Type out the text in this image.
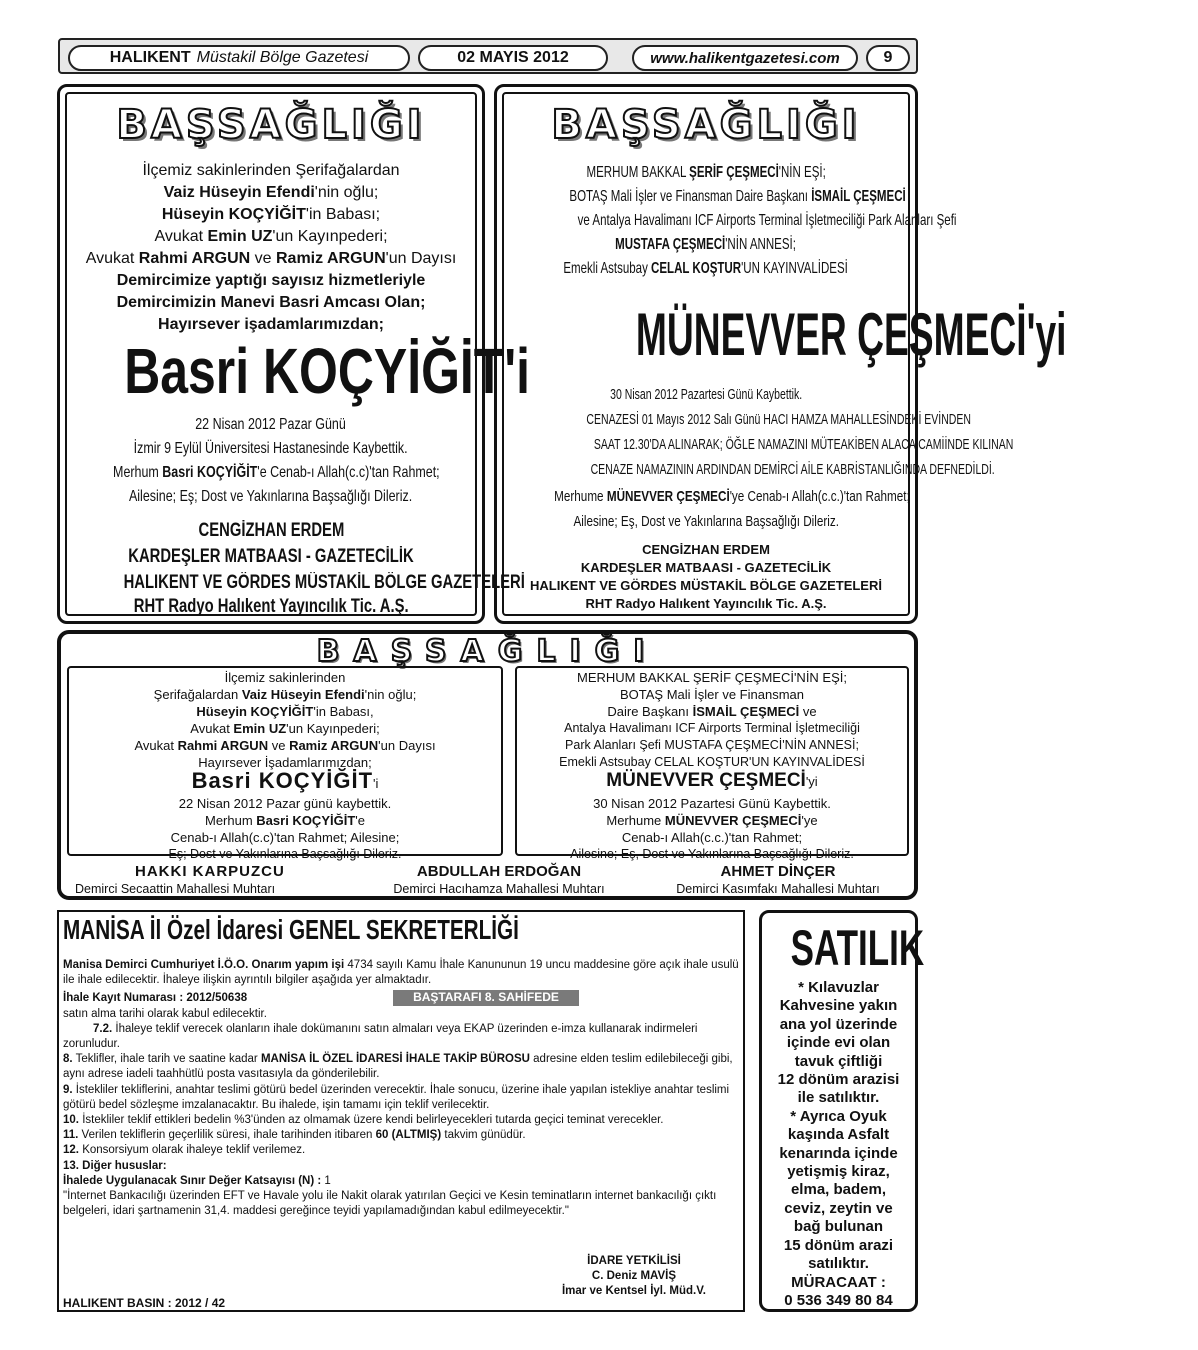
HALIKENT Müstakil Bölge Gazetesi	02 MAYIS 2012	www.halikentgazetesi.com	9
BAŞSAĞLIĞI
İlçemiz sakinlerinden Şerifağalardan
Vaiz Hüseyin Efendi'nin oğlu;
Hüseyin KOÇYİĞİT'in Babası;
Avukat Emin UZ'un Kayınpederi;
Avukat Rahmi ARGUN ve Ramiz ARGUN'un Dayısı
Demircimize yaptığı sayısız hizmetleriyle
Demircimizin Manevi Basri Amcası Olan;
Hayırsever işadamlarımızdan;
Basri KOÇYİĞİT'i
22 Nisan 2012 Pazar Günü
İzmir 9 Eylül Üniversitesi Hastanesinde Kaybettik.
Merhum Basri KOÇYİĞİT'e Cenab-ı Allah(c.c)'tan Rahmet;
Ailesine; Eş; Dost ve Yakınlarına Başsağlığı Dileriz.
CENGİZHAN ERDEM
KARDEŞLER MATBAASI - GAZETECİLİK
HALIKENT VE GÖRDES MÜSTAKİL BÖLGE GAZETELERİ
RHT Radyo Halıkent Yayıncılık Tic. A.Ş.
BAŞSAĞLIĞI
MERHUM BAKKAL ŞERİF ÇEŞMECİ'NİN EŞİ;
BOTAŞ Mali İşler ve Finansman Daire Başkanı İSMAİL ÇEŞMECİ
ve Antalya Havalimanı ICF Airports Terminal İşletmeciliği Park Alanları Şefi
MUSTAFA ÇEŞMECİ'NİN ANNESİ;
Emekli Astsubay CELAL KOŞTUR'UN KAYINVALİDESİ
MÜNEVVER ÇEŞMECİ'yi
30 Nisan 2012 Pazartesi Günü Kaybettik.
CENAZESİ 01 Mayıs 2012 Salı Günü HACI HAMZA MAHALLESİNDEKİ EVİNDEN
SAAT 12.30'DA ALINARAK; ÖĞLE NAMAZINI MÜTEAKİBEN ALACA CAMİİNDE KILINAN
CENAZE NAMAZININ ARDINDAN DEMİRCİ AİLE KABRİSTANLIĞINDA DEFNEDİLDİ.
Merhume MÜNEVVER ÇEŞMECİ'ye Cenab-ı Allah(c.c.)'tan Rahmet;
Ailesine; Eş, Dost ve Yakınlarına Başsağlığı Dileriz.
CENGİZHAN ERDEM
KARDEŞLER MATBAASI - GAZETECİLİK
HALIKENT VE GÖRDES MÜSTAKİL BÖLGE GAZETELERİ
RHT Radyo Halıkent Yayıncılık Tic. A.Ş.
BAŞSAĞLIĞI
İlçemiz sakinlerinden
Şerifağalardan Vaiz Hüseyin Efendi'nin oğlu;
Hüseyin KOÇYİĞİT'in Babası,
Avukat Emin UZ'un Kayınpederi;
Avukat Rahmi ARGUN ve Ramiz ARGUN'un Dayısı
Hayırsever İşadamlarımızdan;
Basri KOÇYİĞİT'i
22 Nisan 2012 Pazar günü kaybettik.
Merhum Basri KOÇYİĞİT'e
Cenab-ı Allah(c.c)'tan Rahmet; Ailesine;
Eş; Dost ve Yakınlarına Başsağlığı Dileriz.
MERHUM BAKKAL ŞERİF ÇEŞMECİ'NİN EŞİ;
BOTAŞ Mali İşler ve Finansman
Daire Başkanı İSMAİL ÇEŞMECİ ve
Antalya Havalimanı ICF Airports Terminal İşletmeciliği
Park Alanları Şefi MUSTAFA ÇEŞMECİ'NİN ANNESİ;
Emekli Astsubay CELAL KOŞTUR'UN KAYINVALİDESİ
MÜNEVVER ÇEŞMECİ'yi
30 Nisan 2012 Pazartesi Günü Kaybettik.
Merhume MÜNEVVER ÇEŞMECİ'ye
Cenab-ı Allah(c.c.)'tan Rahmet;
Ailesine; Eş, Dost ve Yakınlarına Başsağlığı Dileriz.
HAKKI KARPUZCU
Demirci Secaattin Mahallesi Muhtarı
ABDULLAH ERDOĞAN
Demirci Hacıhamza Mahallesi Muhtarı
AHMET DİNÇER
Demirci Kasımfakı Mahallesi Muhtarı
MANİSA İl Özel İdaresi GENEL SEKRETERLİĞİ

Manisa Demirci Cumhuriyet İ.Ö.O. Onarım yapım işi 4734 sayılı Kamu İhale Kanununun 19 uncu maddesine göre açık ihale usulü ile ihale edilecektir. İhaleye ilişkin ayrıntılı bilgiler aşağıda yer almaktadır.

İhale Kayıt Numarası : 2012/50638	BAŞTARAFI 8. SAHİFEDE

satın alma tarihi olarak kabul edilecektir.

7.2. İhaleye teklif verecek olanların ihale dokümanını satın almaları veya EKAP üzerinden e-imza kullanarak indirmeleri zorunludur.

8. Teklifler, ihale tarih ve saatine kadar MANİSA İL ÖZEL İDARESİ İHALE TAKİP BÜROSU adresine elden teslim edilebileceği gibi, aynı adrese iadeli taahhütlü posta vasıtasıyla da gönderilebilir.

9. İstekliler tekliflerini, anahtar teslimi götürü bedel üzerinden verecektir. İhale sonucu, üzerine ihale yapılan istekliye anahtar teslimi götürü bedel sözleşme imzalanacaktır. Bu ihalede, işin tamamı için teklif verilecektir.

10. İstekliler teklif ettikleri bedelin %3'ünden az olmamak üzere kendi belirleyecekleri tutarda geçici teminat verecekler.

11. Verilen tekliflerin geçerlilik süresi, ihale tarihinden itibaren 60 (ALTMIŞ) takvim günüdür.

12. Konsorsiyum olarak ihaleye teklif verilemez.

13. Diğer hususlar:

İhalede Uygulanacak Sınır Değer Katsayısı (N) : 1

"İnternet Bankacılığı üzerinden EFT ve Havale yolu ile Nakit olarak yatırılan Geçici ve Kesin teminatların internet bankacılığı çıktı belgeleri, idari şartnamenin 31,4. maddesi gereğince teyidi yapılamadığından kabul edilmeyecektir."

İDARE YETKİLİSİ
C. Deniz MAVİŞ
İmar ve Kentsel İyl. Müd.V.
HALIKENT BASIN : 2012 / 42
SATILIK
* Kılavuzlar
Kahvesine yakın
ana yol üzerinde
içinde evi olan
tavuk çiftliği
12 dönüm arazisi
ile satılıktır.
* Ayrıca Oyuk
kaşında Asfalt
kenarında içinde
yetişmiş kiraz,
elma, badem,
ceviz, zeytin ve
bağ bulunan
15 dönüm arazi
satılıktır.
MÜRACAAT :
0 536 349 80 84
